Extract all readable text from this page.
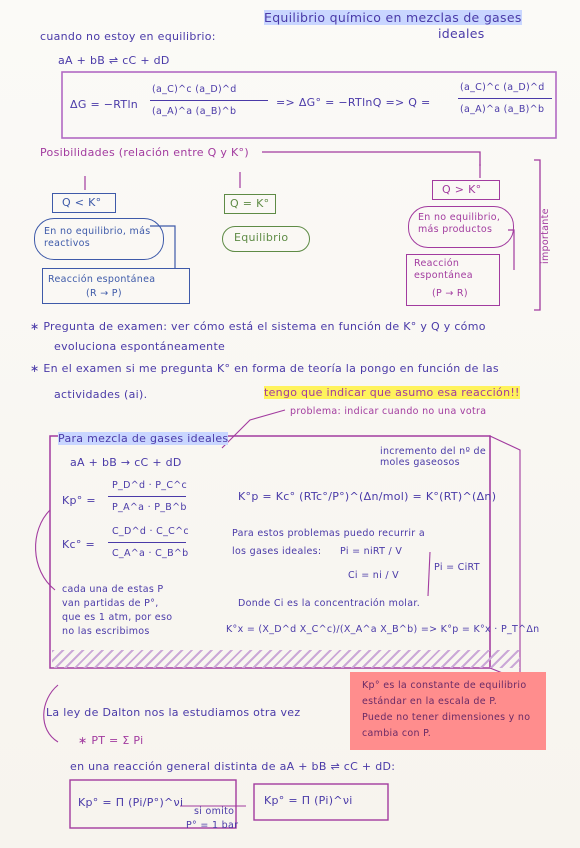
Equilibrio químico en mezclas de gases
ideales
cuando no estoy en equilibrio:
aA + bB ⇌ cC + dD
ΔG = −RTln
(a_C)^c (a_D)^d
(a_A)^a (a_B)^b
=> ΔG° = −RTlnQ => Q =
(a_C)^c (a_D)^d
(a_A)^a (a_B)^b
Posibilidades (relación entre Q y K°)
Q < K°
En no equilibrio, más reactivos
Reacción espontánea
(R → P)
Q = K°
Equilibrio
Q > K°
En no equilibrio, más productos
Reacción espontánea
(P → R)
importante
∗ Pregunta de examen: ver cómo está el sistema en función de K° y Q y cómo
evoluciona espontáneamente
∗ En el examen si me pregunta K° en forma de teoría la pongo en función de las
actividades (ai).	tengo que indicar que asumo esa reacción!!
problema: indicar cuando no una votra
Para mezcla de gases ideales
aA + bB → cC + dD
Kp° =
P_D^d · P_C^c
P_A^a · P_B^b
Kc° =
C_D^d · C_C^c
C_A^a · C_B^b
K°p = Kc° (RTc°/P°)^(Δn/mol) = K°(RT)^(Δn)
incremento del nº de moles gaseosos
Para estos problemas puedo recurrir a
los gases ideales: Pi = niRT / V
Ci = ni / V
Pi = CiRT
Donde Ci es la concentración molar.
K°x = (X_D^d X_C^c)/(X_A^a X_B^b) => K°p = K°x · P_T^Δn
cada una de estas P
van partidas de P°,
que es 1 atm, por eso
no las escribimos
Kp° es la constante de equilibrio
estándar en la escala de P.
Puede no tener dimensiones y no
cambia con P.
La ley de Dalton nos la estudiamos otra vez
∗ PT = Σ Pi
en una reacción general distinta de aA + bB ⇌ cC + dD:
Kp° = Π (Pi/P°)^νi
si omito
P° = 1 bar
Kp° = Π (Pi)^νi
